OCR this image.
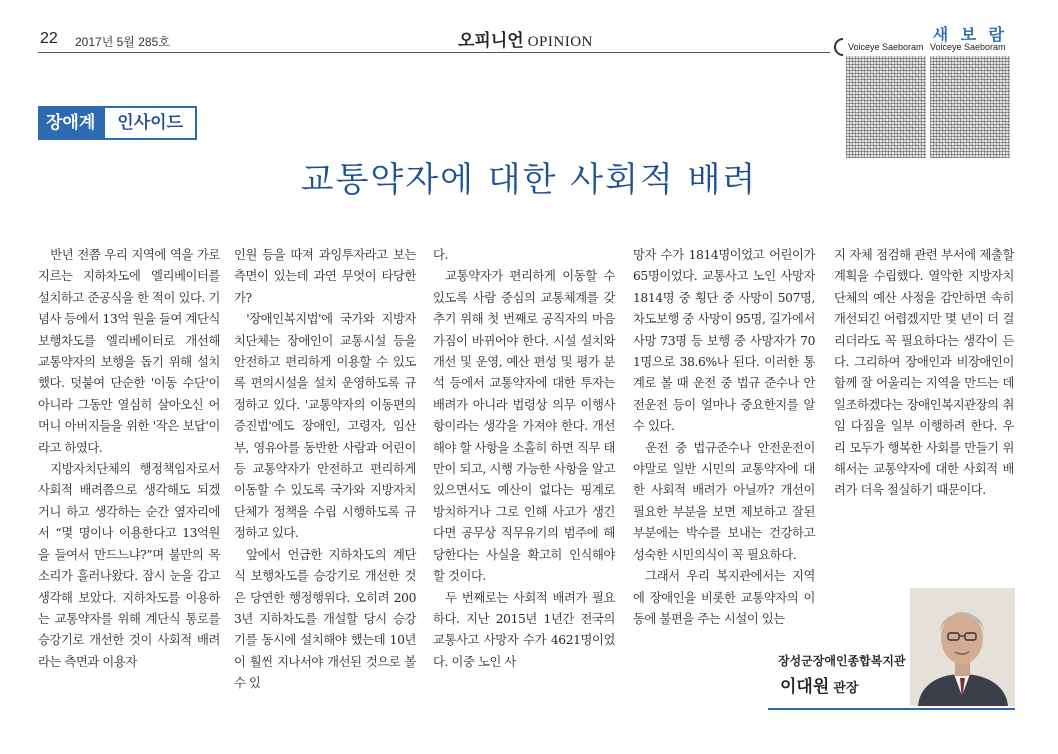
22 2017년 5월 285호	오피니언 OPINION	새 보 람
Voiceye Saeboram Voiceye Saeboram
장애계	인사이드
교통약자에 대한 사회적 배려

반년 전쯤 우리 지역에 역을 가로지르는 지하차도에 엘리베이터를 설치하고 준공식을 한 적이 있다. 기념사 등에서 13억 원을 들여 계단식 보행차도를 엘리베이터로 개선해 교통약자의 보행을 돕기 위해 설치했다. 덧붙여 단순한 '이동 수단'이 아니라 그동안 열심히 살아오신 어머니 아버지들을 위한 '작은 보답'이라고 하였다.

지방자치단체의 행정책임자로서 사회적 배려쯤으로 생각해도 되겠거니 하고 생각하는 순간 옆자리에서 “몇 명이나 이용한다고 13억원을 들여서 만드느냐?”며 불만의 목소리가 흘러나왔다. 잠시 눈을 감고 생각해 보았다. 지하차도를 이용하는 교통약자를 위해 계단식 통로를 승강기로 개선한 것이 사회적 배려라는 측면과 이용자

인원 등을 따져 과잉투자라고 보는 측면이 있는데 과연 무엇이 타당한가?

'장애인복지법'에 국가와 지방자치단체는 장애인이 교통시설 등을 안전하고 편리하게 이용할 수 있도록 편의시설을 설치 운영하도록 규정하고 있다. '교통약자의 이동편의 증진법'에도 장애인, 고령자, 임산부, 영유아를 동반한 사람과 어린이 등 교통약자가 안전하고 편리하게 이동할 수 있도록 국가와 지방자치단체가 정책을 수립 시행하도록 규정하고 있다.

앞에서 언급한 지하차도의 계단식 보행차도를 승강기로 개선한 것은 당연한 행정행위다. 오히려 2003년 지하차도를 개설할 당시 승강기를 동시에 설치해야 했는데 10년이 훨씬 지나서야 개선된 것으로 볼 수 있

다.

교통약자가 편리하게 이동할 수 있도록 사람 중심의 교통체계를 갖추기 위해 첫 번째로 공직자의 마음가짐이 바뀌어야 한다. 시설 설치와 개선 및 운영, 예산 편성 및 평가 분석 등에서 교통약자에 대한 투자는 배려가 아니라 법령상 의무 이행사항이라는 생각을 가져야 한다. 개선해야 할 사항을 소홀히 하면 직무 태만이 되고, 시행 가능한 사항을 알고 있으면서도 예산이 없다는 핑계로 방치하거나 그로 인해 사고가 생긴다면 공무상 직무유기의 범주에 해당한다는 사실을 확고히 인식해야 할 것이다.

두 번째로는 사회적 배려가 필요하다. 지난 2015년 1년간 전국의 교통사고 사망자 수가 4621명이었다. 이중 노인 사

망자 수가 1814명이었고 어린이가 65명이었다. 교통사고 노인 사망자 1814명 중 횡단 중 사망이 507명, 차도보행 중 사망이 95명, 길가에서 사망 73명 등 보행 중 사망자가 701명으로 38.6%나 된다. 이러한 통계로 볼 때 운전 중 법규 준수나 안전운전 등이 얼마나 중요한지를 알 수 있다.

운전 중 법규준수나 안전운전이야말로 일반 시민의 교통약자에 대한 사회적 배려가 아닐까? 개선이 필요한 부분을 보면 제보하고 잘된 부분에는 박수를 보내는 건강하고 성숙한 시민의식이 꼭 필요하다.

그래서 우리 복지관에서는 지역에 장애인을 비롯한 교통약자의 이동에 불편을 주는 시설이 있는

지 자체 점검해 관련 부서에 제출할 계획을 수립했다. 열악한 지방자치단체의 예산 사정을 감안하면 속히 개선되긴 어렵겠지만 몇 년이 더 걸리더라도 꼭 필요하다는 생각이 든다. 그리하여 장애인과 비장애인이 함께 잘 어울리는 지역을 만드는 데 일조하겠다는 장애인복지관장의 취임 다짐을 일부 이행하려 한다. 우리 모두가 행복한 사회를 만들기 위해서는 교통약자에 대한 사회적 배려가 더욱 절실하기 때문이다.

장성군장애인종합복지관
이대원 관장
